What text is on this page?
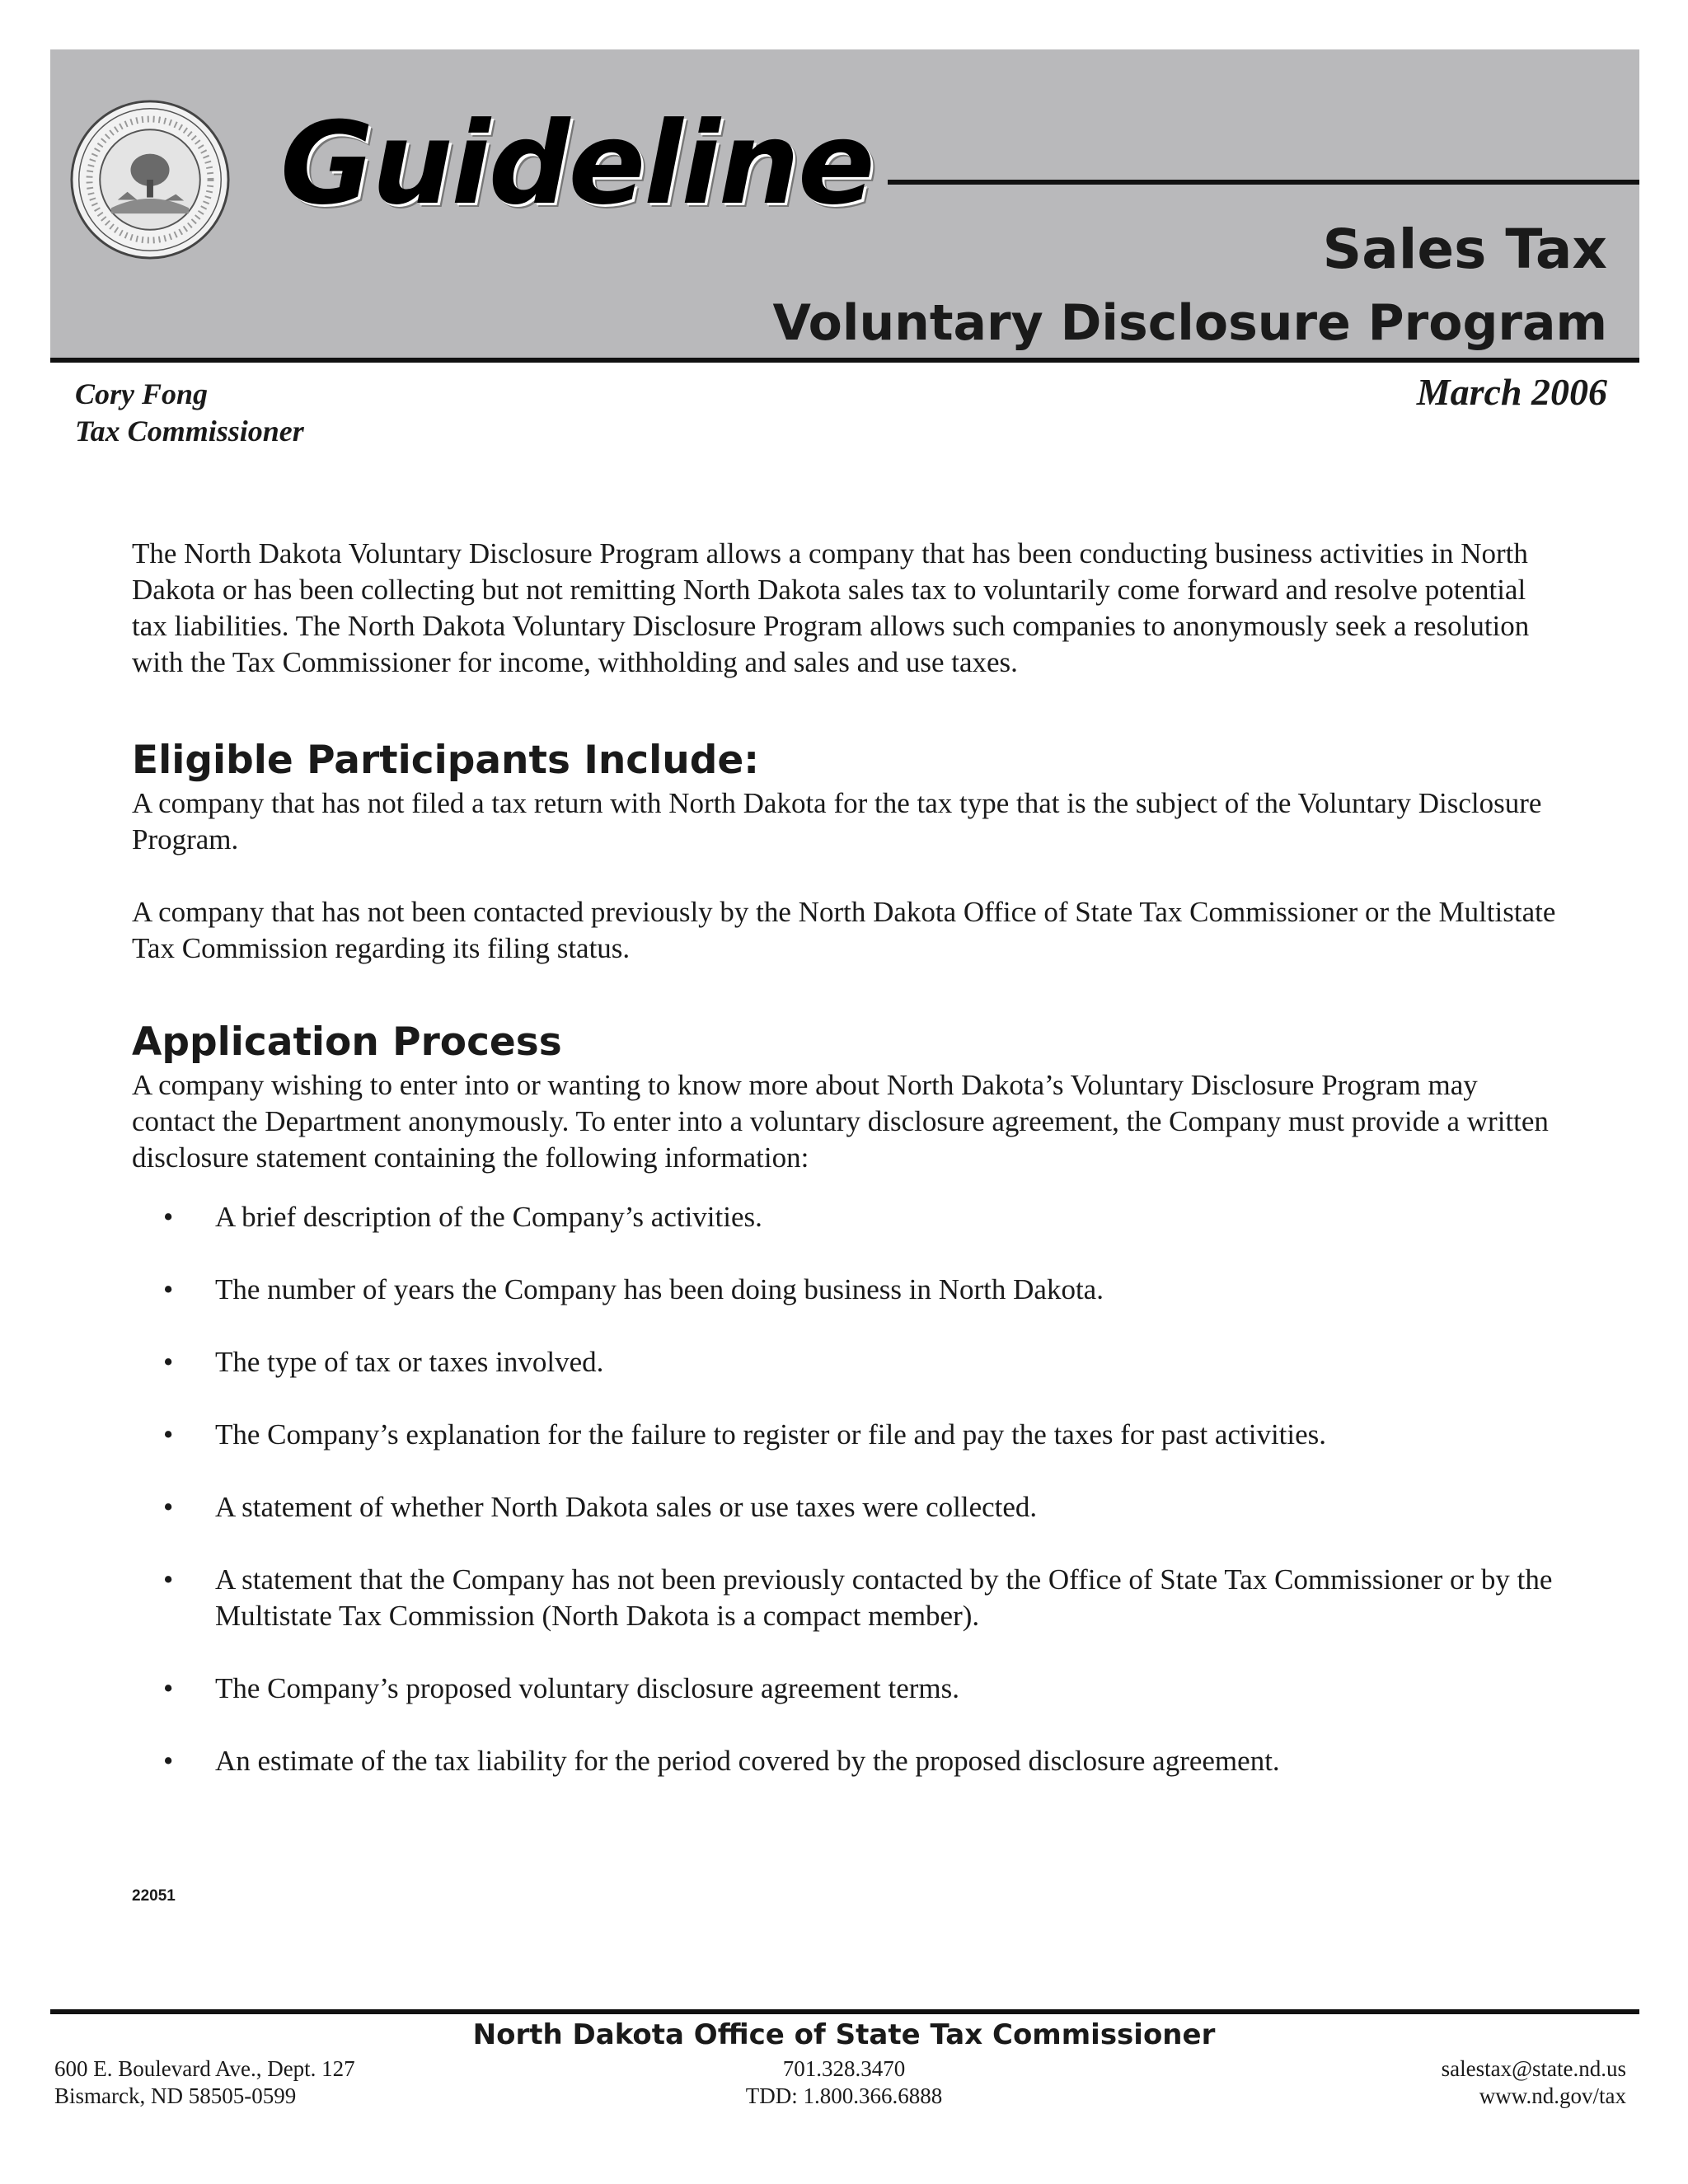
Guideline
Sales Tax
Voluntary Disclosure Program
Cory Fong
Tax Commissioner
March 2006

The North Dakota Voluntary Disclosure Program allows a company that has been conducting business activities in North Dakota or has been collecting but not remitting North Dakota sales tax to voluntarily come forward and resolve potential tax liabilities. The North Dakota Voluntary Disclosure Program allows such companies to anonymously seek a resolution with the Tax Commissioner for income, withholding and sales and use taxes.

Eligible Participants Include:

A company that has not filed a tax return with North Dakota for the tax type that is the subject of the Voluntary Disclosure Program.

A company that has not been contacted previously by the North Dakota Office of State Tax Commissioner or the Multistate Tax Commission regarding its filing status.

Application Process

A company wishing to enter into or wanting to know more about North Dakota’s Voluntary Disclosure Program may contact the Department anonymously. To enter into a voluntary disclosure agreement, the Company must provide a written disclosure statement containing the following information:

• A brief description of the Company’s activities.
• The number of years the Company has been doing business in North Dakota.
• The type of tax or taxes involved.
• The Company’s explanation for the failure to register or file and pay the taxes for past activities.
• A statement of whether North Dakota sales or use taxes were collected.
• A statement that the Company has not been previously contacted by the Office of State Tax Commissioner or by the Multistate Tax Commission (North Dakota is a compact member).
• The Company’s proposed voluntary disclosure agreement terms.
• An estimate of the tax liability for the period covered by the proposed disclosure agreement.
22051
North Dakota Office of State Tax Commissioner
600 E. Boulevard Ave., Dept. 127
Bismarck, ND 58505-0599
701.328.3470
TDD: 1.800.366.6888
salestax@state.nd.us
www.nd.gov/tax
